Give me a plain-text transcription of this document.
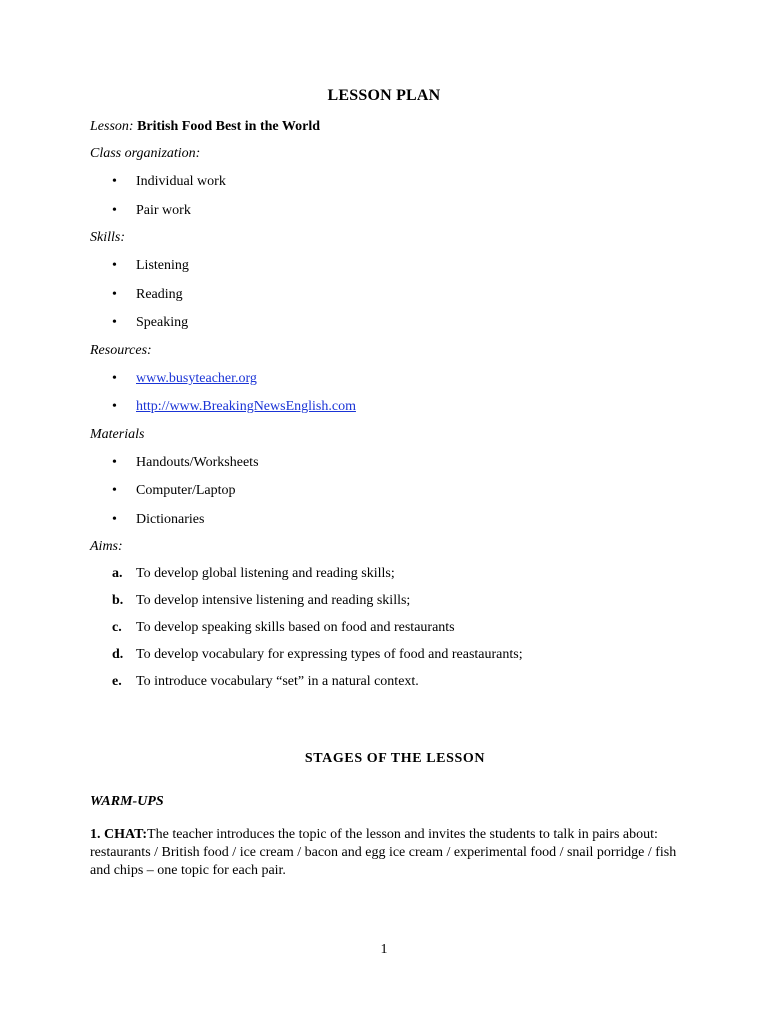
LESSON PLAN
Lesson: British Food Best in the World
Class organization:
• Individual work
• Pair work
Skills:
• Listening
• Reading
• Speaking
Resources:
• www.busyteacher.org
• http://www.BreakingNewsEnglish.com
Materials
• Handouts/Worksheets
• Computer/Laptop
• Dictionaries
Aims:
a. To develop global listening and reading skills;
b. To develop intensive listening and reading skills;
c. To develop speaking skills based on food and restaurants
d. To develop vocabulary for expressing types of food and reastaurants;
e. To introduce vocabulary “set” in a natural context.
STAGES OF THE LESSON
WARM-UPS
1. CHAT:The teacher introduces the topic of the lesson and invites the students to talk in pairs about: restaurants / British food / ice cream / bacon and egg ice cream / experimental food / snail porridge / fish and chips – one topic for each pair.
1
